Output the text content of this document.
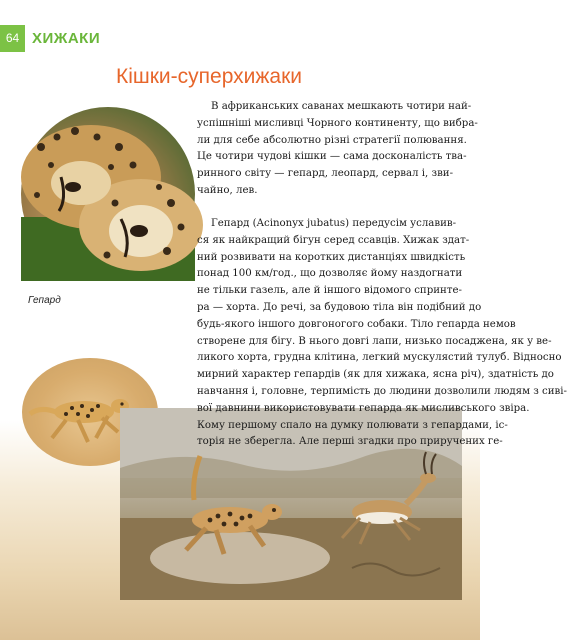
64 ХИЖАКИ
Кішки-суперхижаки
Гепард

В африканських саванах мешкають чотири най-
успішніші мисливці Чорного континенту, що вибра-
ли для себе абсолютно різні стратегії полювання.
Це чотири чудові кішки — сама досконалість тва-
ринного світу — гепард, леопард, сервал і, зви-
чайно, лев.

Гепард (Acinonyx jubatus) передусім уславив-
ся як найкращий бігун серед ссавців. Хижак здат-
ний розвивати на коротких дистанціях швидкість
понад 100 км/год., що дозволяє йому наздогнати
не тільки газель, але й іншого відомого спринте-
ра — хорта. До речі, за будовою тіла він подібний до
будь-якого іншого довгоногого собаки. Тіло гепарда немов
створене для бігу. В нього довгі лапи, низько посаджена, як у ве-
ликого хорта, грудна клітина, легкий мускулястий тулуб. Відносно
мирний характер гепардів (як для хижака, ясна річ), здатність до
навчання і, головне, терпимість до людини дозволили людям з сиві-
вої давнини використовувати гепарда як мисливського звіра.
Кому першому спало на думку полювати з гепардами, іс-
торія не зберегла. Але перші згадки про приручених ге-
